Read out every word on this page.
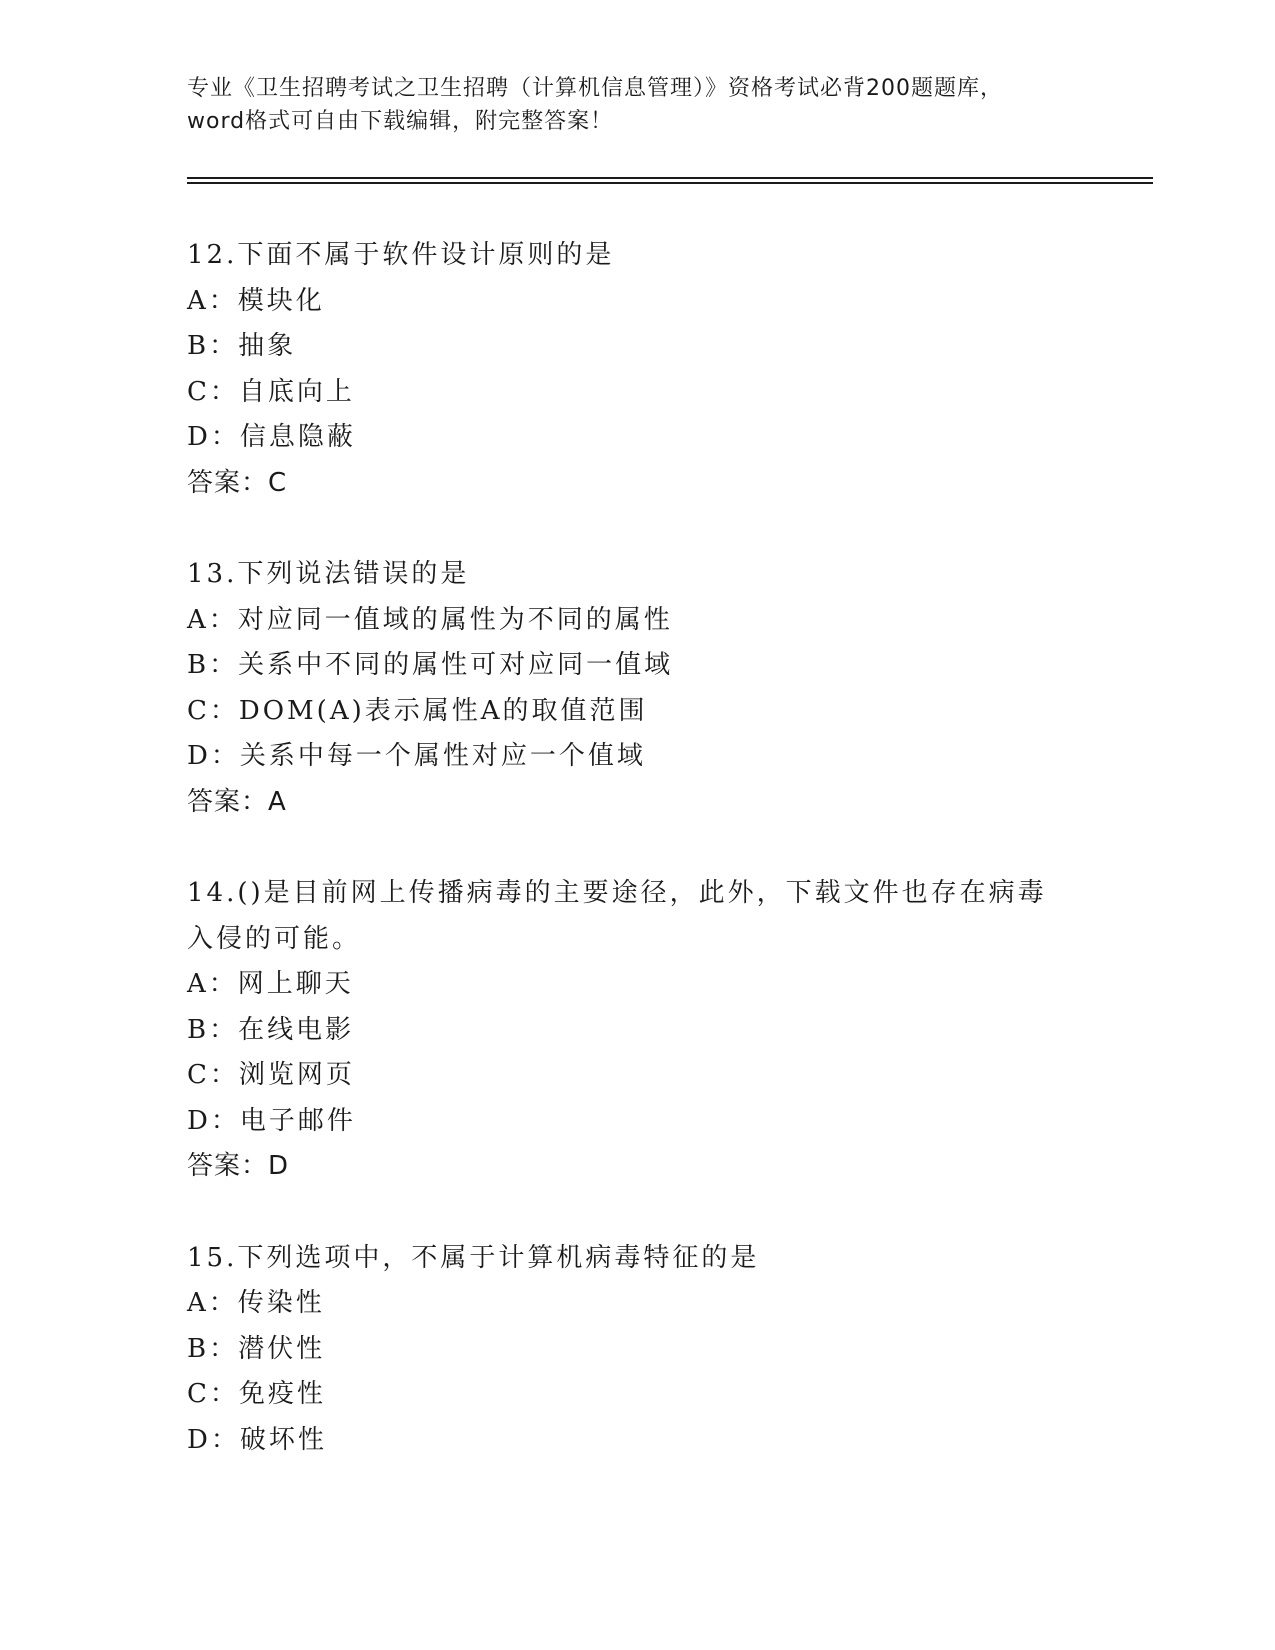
专业《卫生招聘考试之卫生招聘（计算机信息管理）》资格考试必背200题题库，
word格式可自由下载编辑，附完整答案！
12.下面不属于软件设计原则的是
A：模块化
B：抽象
C：自底向上
D：信息隐蔽
答案：C
13.下列说法错误的是
A：对应同一值域的属性为不同的属性
B：关系中不同的属性可对应同一值域
C：DOM(A)表示属性A的取值范围
D：关系中每一个属性对应一个值域
答案：A
14.()是目前网上传播病毒的主要途径，此外，下载文件也存在病毒入侵的可能。
A：网上聊天
B：在线电影
C：浏览网页
D：电子邮件
答案：D
15.下列选项中，不属于计算机病毒特征的是
A：传染性
B：潜伏性
C：免疫性
D：破坏性
